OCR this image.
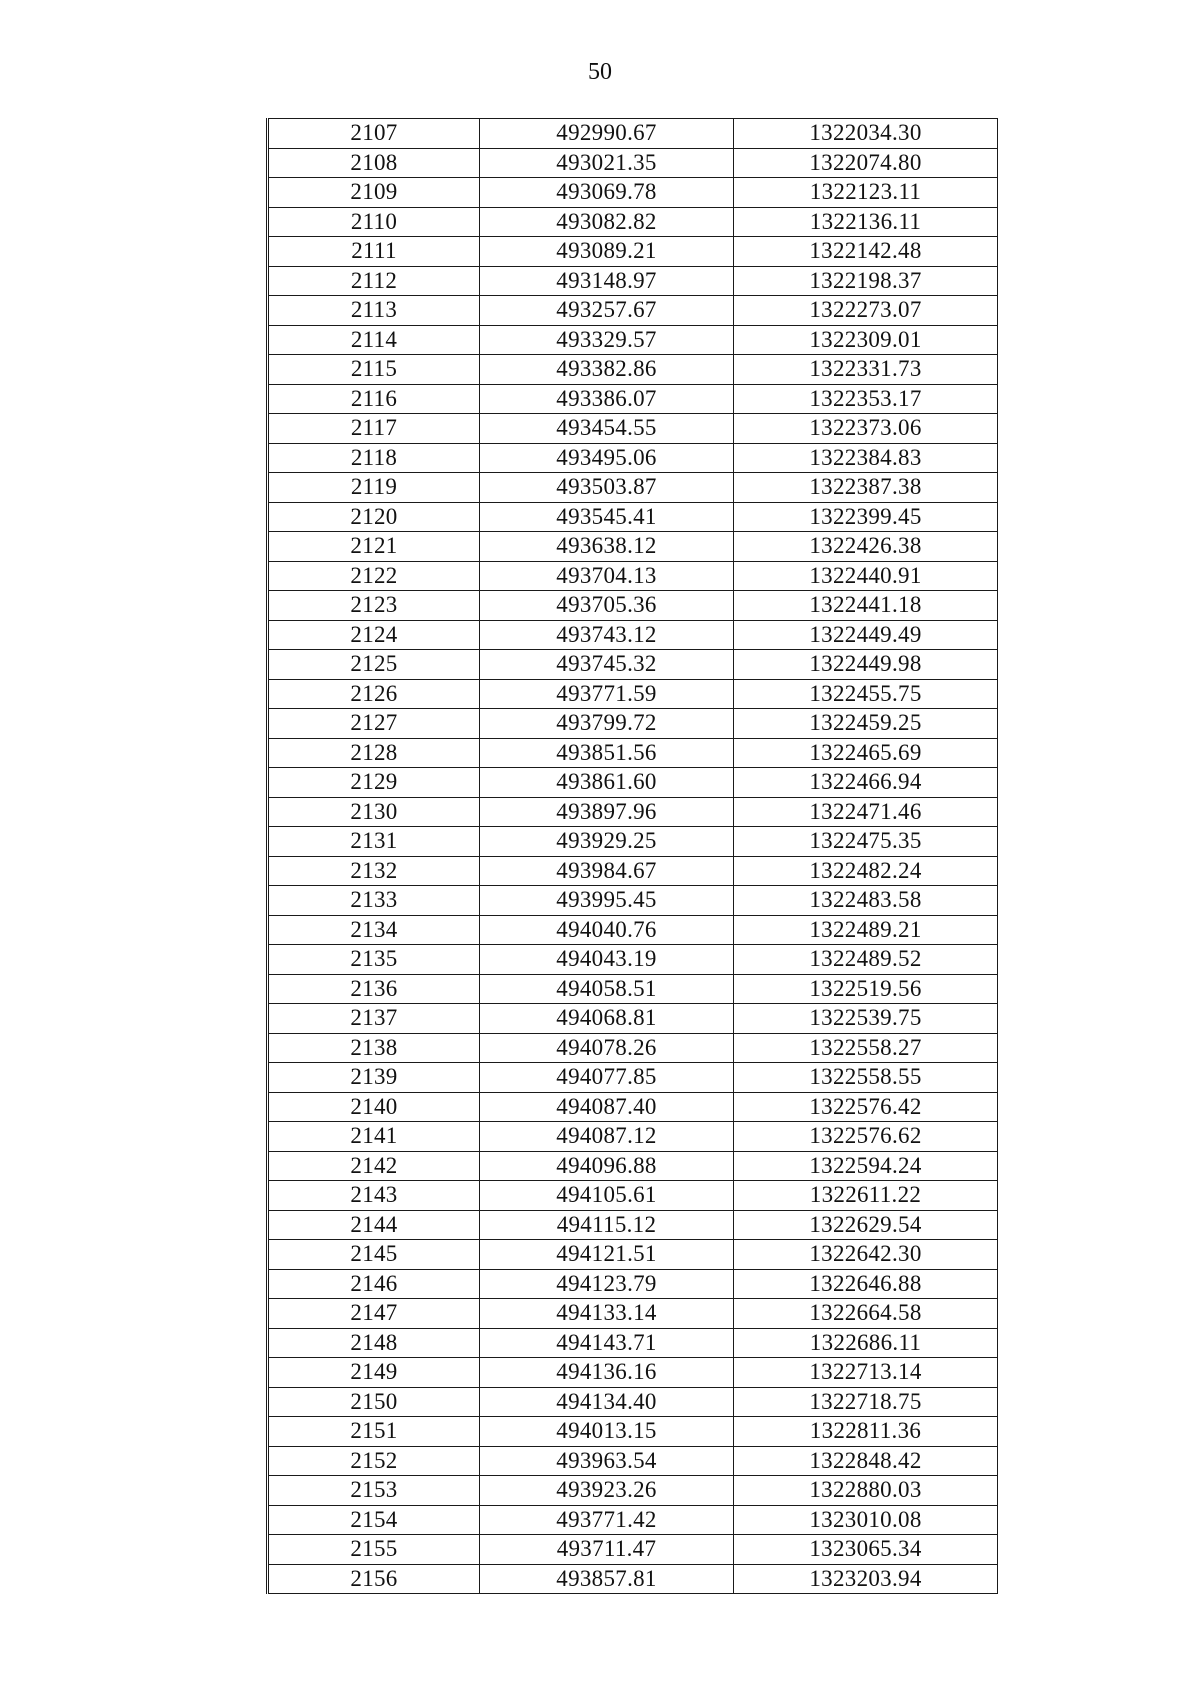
50
2107	492990.67	1322034.30
2108	493021.35	1322074.80
2109	493069.78	1322123.11
2110	493082.82	1322136.11
2111	493089.21	1322142.48
2112	493148.97	1322198.37
2113	493257.67	1322273.07
2114	493329.57	1322309.01
2115	493382.86	1322331.73
2116	493386.07	1322353.17
2117	493454.55	1322373.06
2118	493495.06	1322384.83
2119	493503.87	1322387.38
2120	493545.41	1322399.45
2121	493638.12	1322426.38
2122	493704.13	1322440.91
2123	493705.36	1322441.18
2124	493743.12	1322449.49
2125	493745.32	1322449.98
2126	493771.59	1322455.75
2127	493799.72	1322459.25
2128	493851.56	1322465.69
2129	493861.60	1322466.94
2130	493897.96	1322471.46
2131	493929.25	1322475.35
2132	493984.67	1322482.24
2133	493995.45	1322483.58
2134	494040.76	1322489.21
2135	494043.19	1322489.52
2136	494058.51	1322519.56
2137	494068.81	1322539.75
2138	494078.26	1322558.27
2139	494077.85	1322558.55
2140	494087.40	1322576.42
2141	494087.12	1322576.62
2142	494096.88	1322594.24
2143	494105.61	1322611.22
2144	494115.12	1322629.54
2145	494121.51	1322642.30
2146	494123.79	1322646.88
2147	494133.14	1322664.58
2148	494143.71	1322686.11
2149	494136.16	1322713.14
2150	494134.40	1322718.75
2151	494013.15	1322811.36
2152	493963.54	1322848.42
2153	493923.26	1322880.03
2154	493771.42	1323010.08
2155	493711.47	1323065.34
2156	493857.81	1323203.94
